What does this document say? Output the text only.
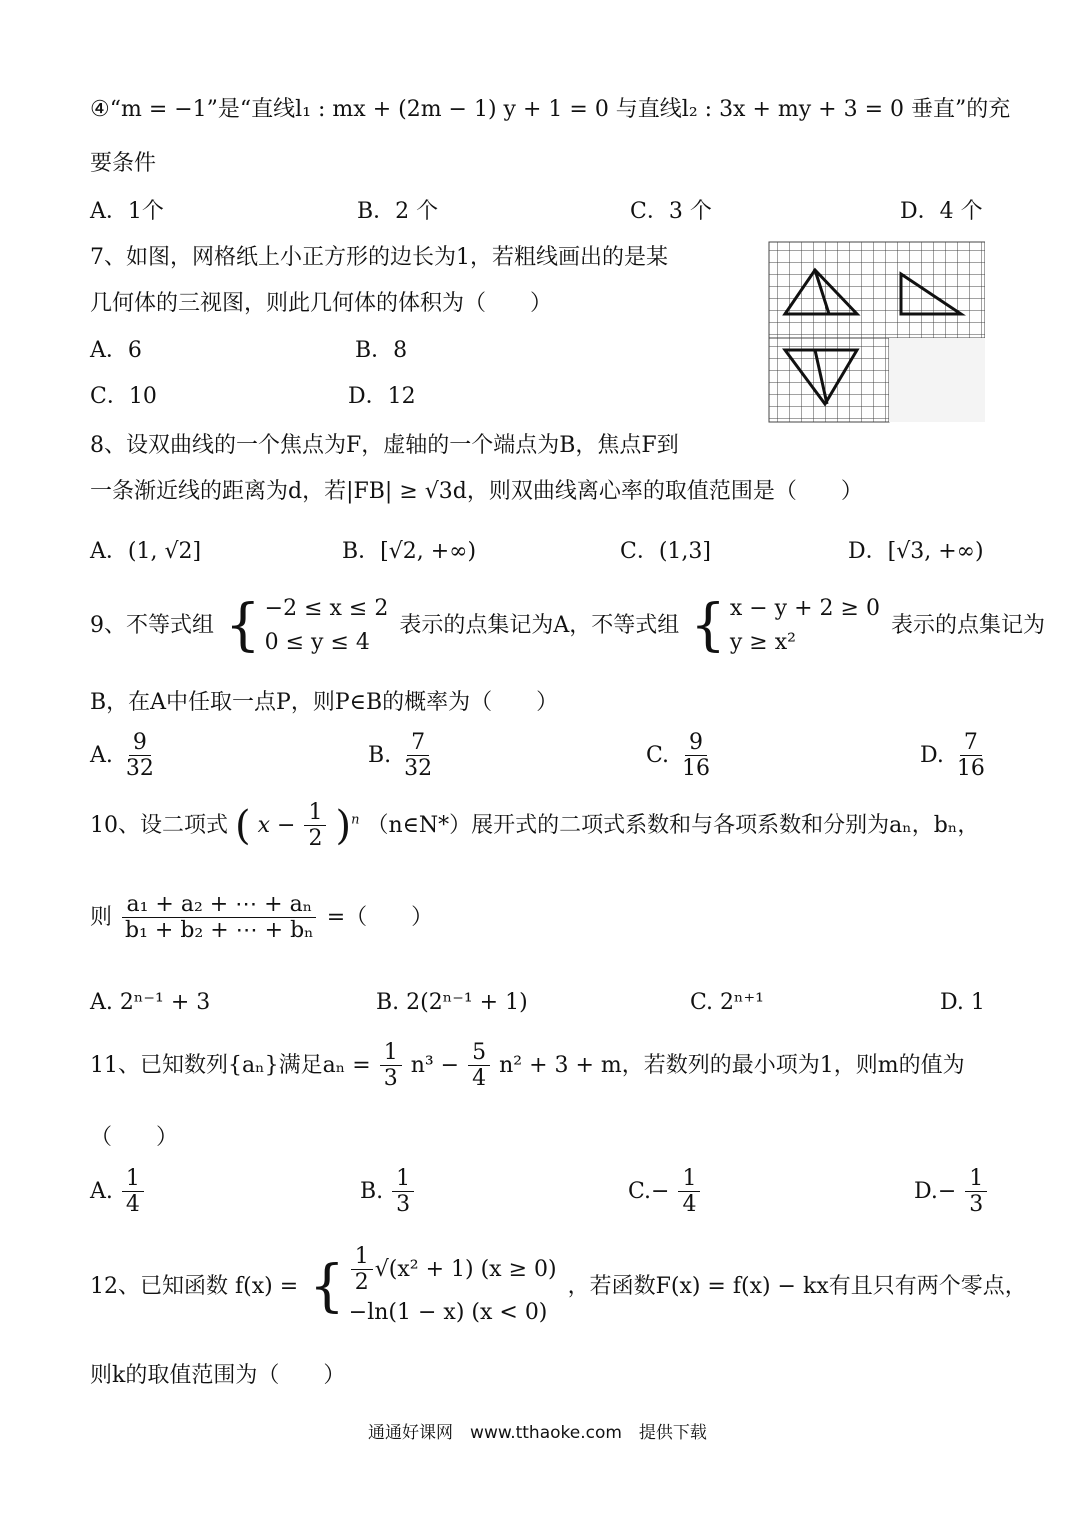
④“m = −1”是“直线l₁ : mx + (2m − 1) y + 1 = 0 与直线l₂ : 3x + my + 3 = 0 垂直”的充
要条件
A．1个	B．2 个	C．3 个	D．4 个
7、如图，网格纸上小正方形的边长为1，若粗线画出的是某
几何体的三视图，则此几何体的体积为（　　）
A．6	B．8
C．10	D．12
8、设双曲线的一个焦点为F，虚轴的一个端点为B，焦点F到
一条渐近线的距离为d，若|FB| ≥ √3d，则双曲线离心率的取值范围是（　　）
A．(1, √2]	B．[√2, +∞)	C．(1,3]	D．[√3, +∞)
9、不等式组 { −2 ≤ x ≤ 2
0 ≤ y ≤ 4
表示的点集记为A，不等式组 { x − y + 2 ≥ 0
y ≥ x²
表示的点集记为
B，在A中任取一点P，则P∈B的概率为（　　）
A. $\frac{9}{32}$	B. $\frac{7}{32}$	C. $\frac{9}{16}$	D. $\frac{7}{16}$
10、设二项式 ( $x - \frac{1}{2} )^n$ （n∈N*）展开式的二项式系数和与各项系数和分别为aₙ，bₙ，
则 $\frac{\text{a₁ + a₂ + ⋯ + aₙ}}{\text{b₁ + b₂ + ⋯ + bₙ}}$ =（　　）
A. 2ⁿ⁻¹ + 3	B. 2(2ⁿ⁻¹ + 1)	C. 2ⁿ⁺¹	D. 1
11、已知数列{aₙ}满足$a_n = \frac{1}{3} n^3 - \frac{5}{4} n^2 + 3 + m$，若数列的最小项为1，则m的值为
（　　）
A. $\frac{1}{4}$	B. $\frac{1}{3}$	$C.- \frac{1}{4}$	$D.- \frac{1}{3}$
12、已知函数 f(x) = { $\frac{1}{2} √(x^2 + 1) (x \ge 0)$
−ln(1 − x) (x < 0)
，若函数F(x) = f(x) − kx有且只有两个零点，
则k的取值范围为（　　）
通通好课网　www.tthaoke.com　提供下载
